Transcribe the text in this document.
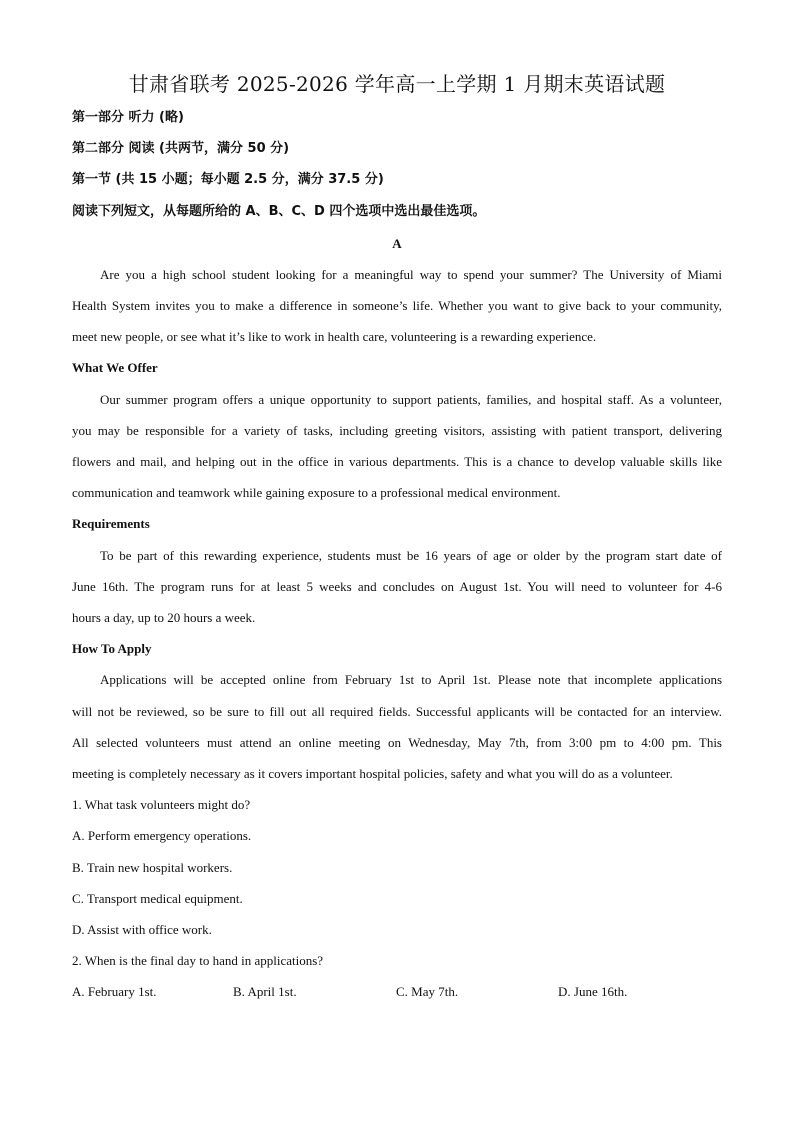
甘肃省联考 2025-2026 学年高一上学期 1 月期末英语试题
第一部分 听力 (略)
第二部分 阅读 (共两节，满分 50 分)
第一节 (共 15 小题；每小题 2.5 分，满分 37.5 分)
阅读下列短文，从每题所给的 A、B、C、D 四个选项中选出最佳选项。
A
Are you a high school student looking for a meaningful way to spend your summer? The University of Miami
Health System invites you to make a difference in someone’s life. Whether you want to give back to your community,
meet new people, or see what it’s like to work in health care, volunteering is a rewarding experience.
What We Offer
Our summer program offers a unique opportunity to support patients, families, and hospital staff. As a volunteer,
you may be responsible for a variety of tasks, including greeting visitors, assisting with patient transport, delivering
flowers and mail, and helping out in the office in various departments. This is a chance to develop valuable skills like
communication and teamwork while gaining exposure to a professional medical environment.
Requirements
To be part of this rewarding experience, students must be 16 years of age or older by the program start date of
June 16th. The program runs for at least 5 weeks and concludes on August 1st. You will need to volunteer for 4-6
hours a day, up to 20 hours a week.
How To Apply
Applications will be accepted online from February 1st to April 1st. Please note that incomplete applications
will not be reviewed, so be sure to fill out all required fields. Successful applicants will be contacted for an interview.
All selected volunteers must attend an online meeting on Wednesday, May 7th, from 3:00 pm to 4:00 pm. This
meeting is completely necessary as it covers important hospital policies, safety and what you will do as a volunteer.
1. What task volunteers might do?
A. Perform emergency operations.
B. Train new hospital workers.
C. Transport medical equipment.
D. Assist with office work.
2. When is the final day to hand in applications?
A. February 1st.	B. April 1st.	C. May 7th.	D. June 16th.
